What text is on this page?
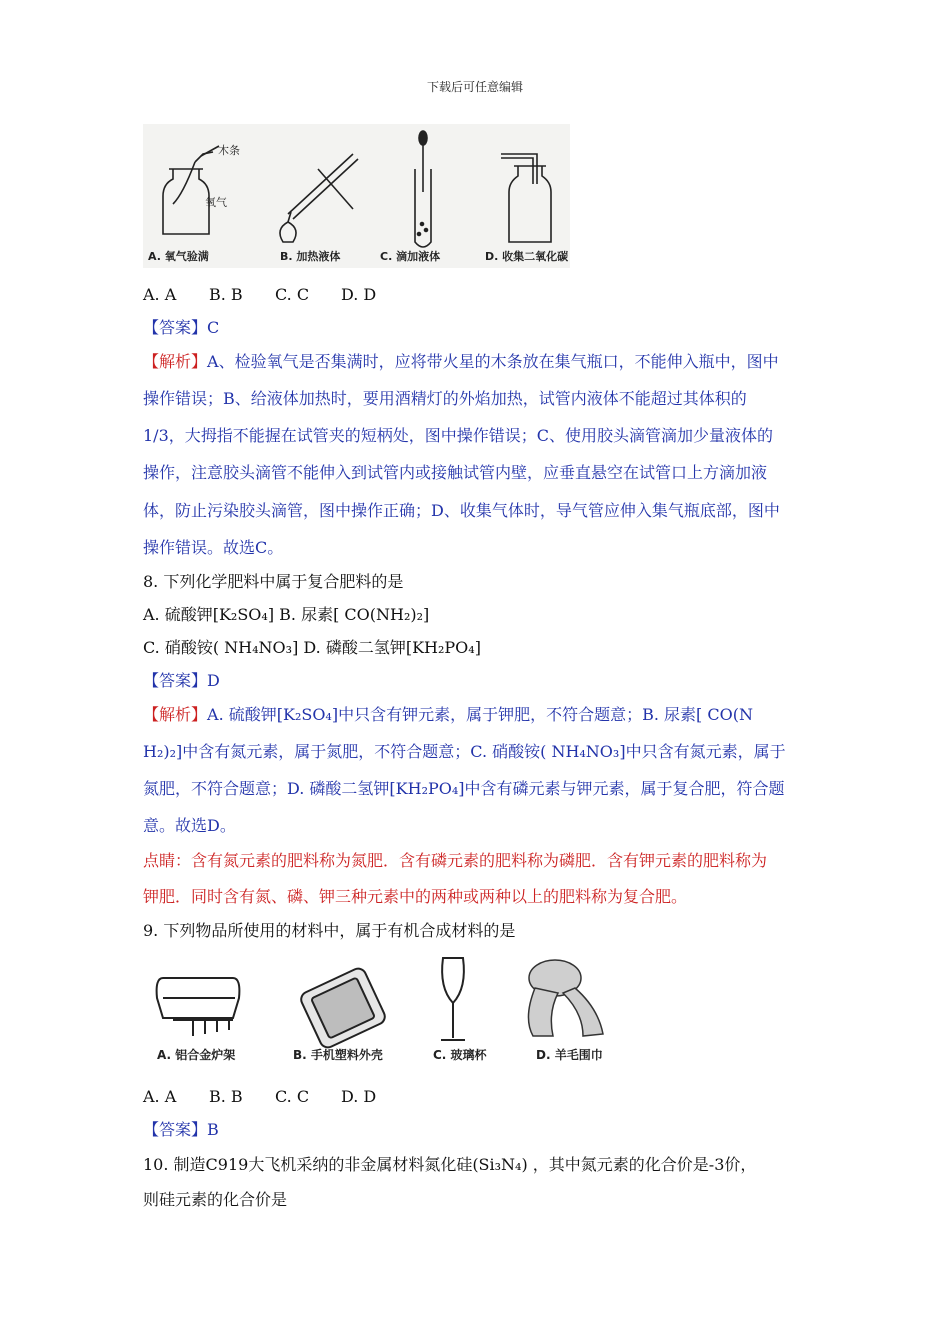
下载后可任意编辑
木条
氧气
A. 氧气验满	B. 加热液体	C. 滴加液体	D. 收集二氧化碳
A. A B. B C. C D. D
【答案】C
【解析】A、检验氧气是否集满时，应将带火星的木条放在集气瓶口，不能伸入瓶中，图中
操作错误；B、给液体加热时，要用酒精灯的外焰加热，试管内液体不能超过其体积的
1/3，大拇指不能握在试管夹的短柄处，图中操作错误；C、使用胶头滴管滴加少量液体的
操作，注意胶头滴管不能伸入到试管内或接触试管内壁，应垂直悬空在试管口上方滴加液
体，防止污染胶头滴管，图中操作正确；D、收集气体时，导气管应伸入集气瓶底部，图中
操作错误。故选C。
8. 下列化学肥料中属于复合肥料的是
A. 硫酸钾[K₂SO₄] B. 尿素[ CO(NH₂)₂]
C. 硝酸铵( NH₄NO₃] D. 磷酸二氢钾[KH₂PO₄]
【答案】D
【解析】A. 硫酸钾[K₂SO₄]中只含有钾元素，属于钾肥，不符合题意；B. 尿素[ CO(N
H₂)₂]中含有氮元素，属于氮肥，不符合题意；C. 硝酸铵( NH₄NO₃]中只含有氮元素，属于
氮肥，不符合题意；D. 磷酸二氢钾[KH₂PO₄]中含有磷元素与钾元素，属于复合肥，符合题
意。故选D。
点睛：含有氮元素的肥料称为氮肥．含有磷元素的肥料称为磷肥．含有钾元素的肥料称为
钾肥．同时含有氮、磷、钾三种元素中的两种或两种以上的肥料称为复合肥。
9. 下列物品所使用的材料中，属于有机合成材料的是
A. 铝合金炉架	B. 手机塑料外壳	C. 玻璃杯	D. 羊毛围巾
A. A B. B C. C D. D
【答案】B
10. 制造C919大飞机采纳的非金属材料氮化硅(Si₃N₄) ，其中氮元素的化合价是-3价，
则硅元素的化合价是
